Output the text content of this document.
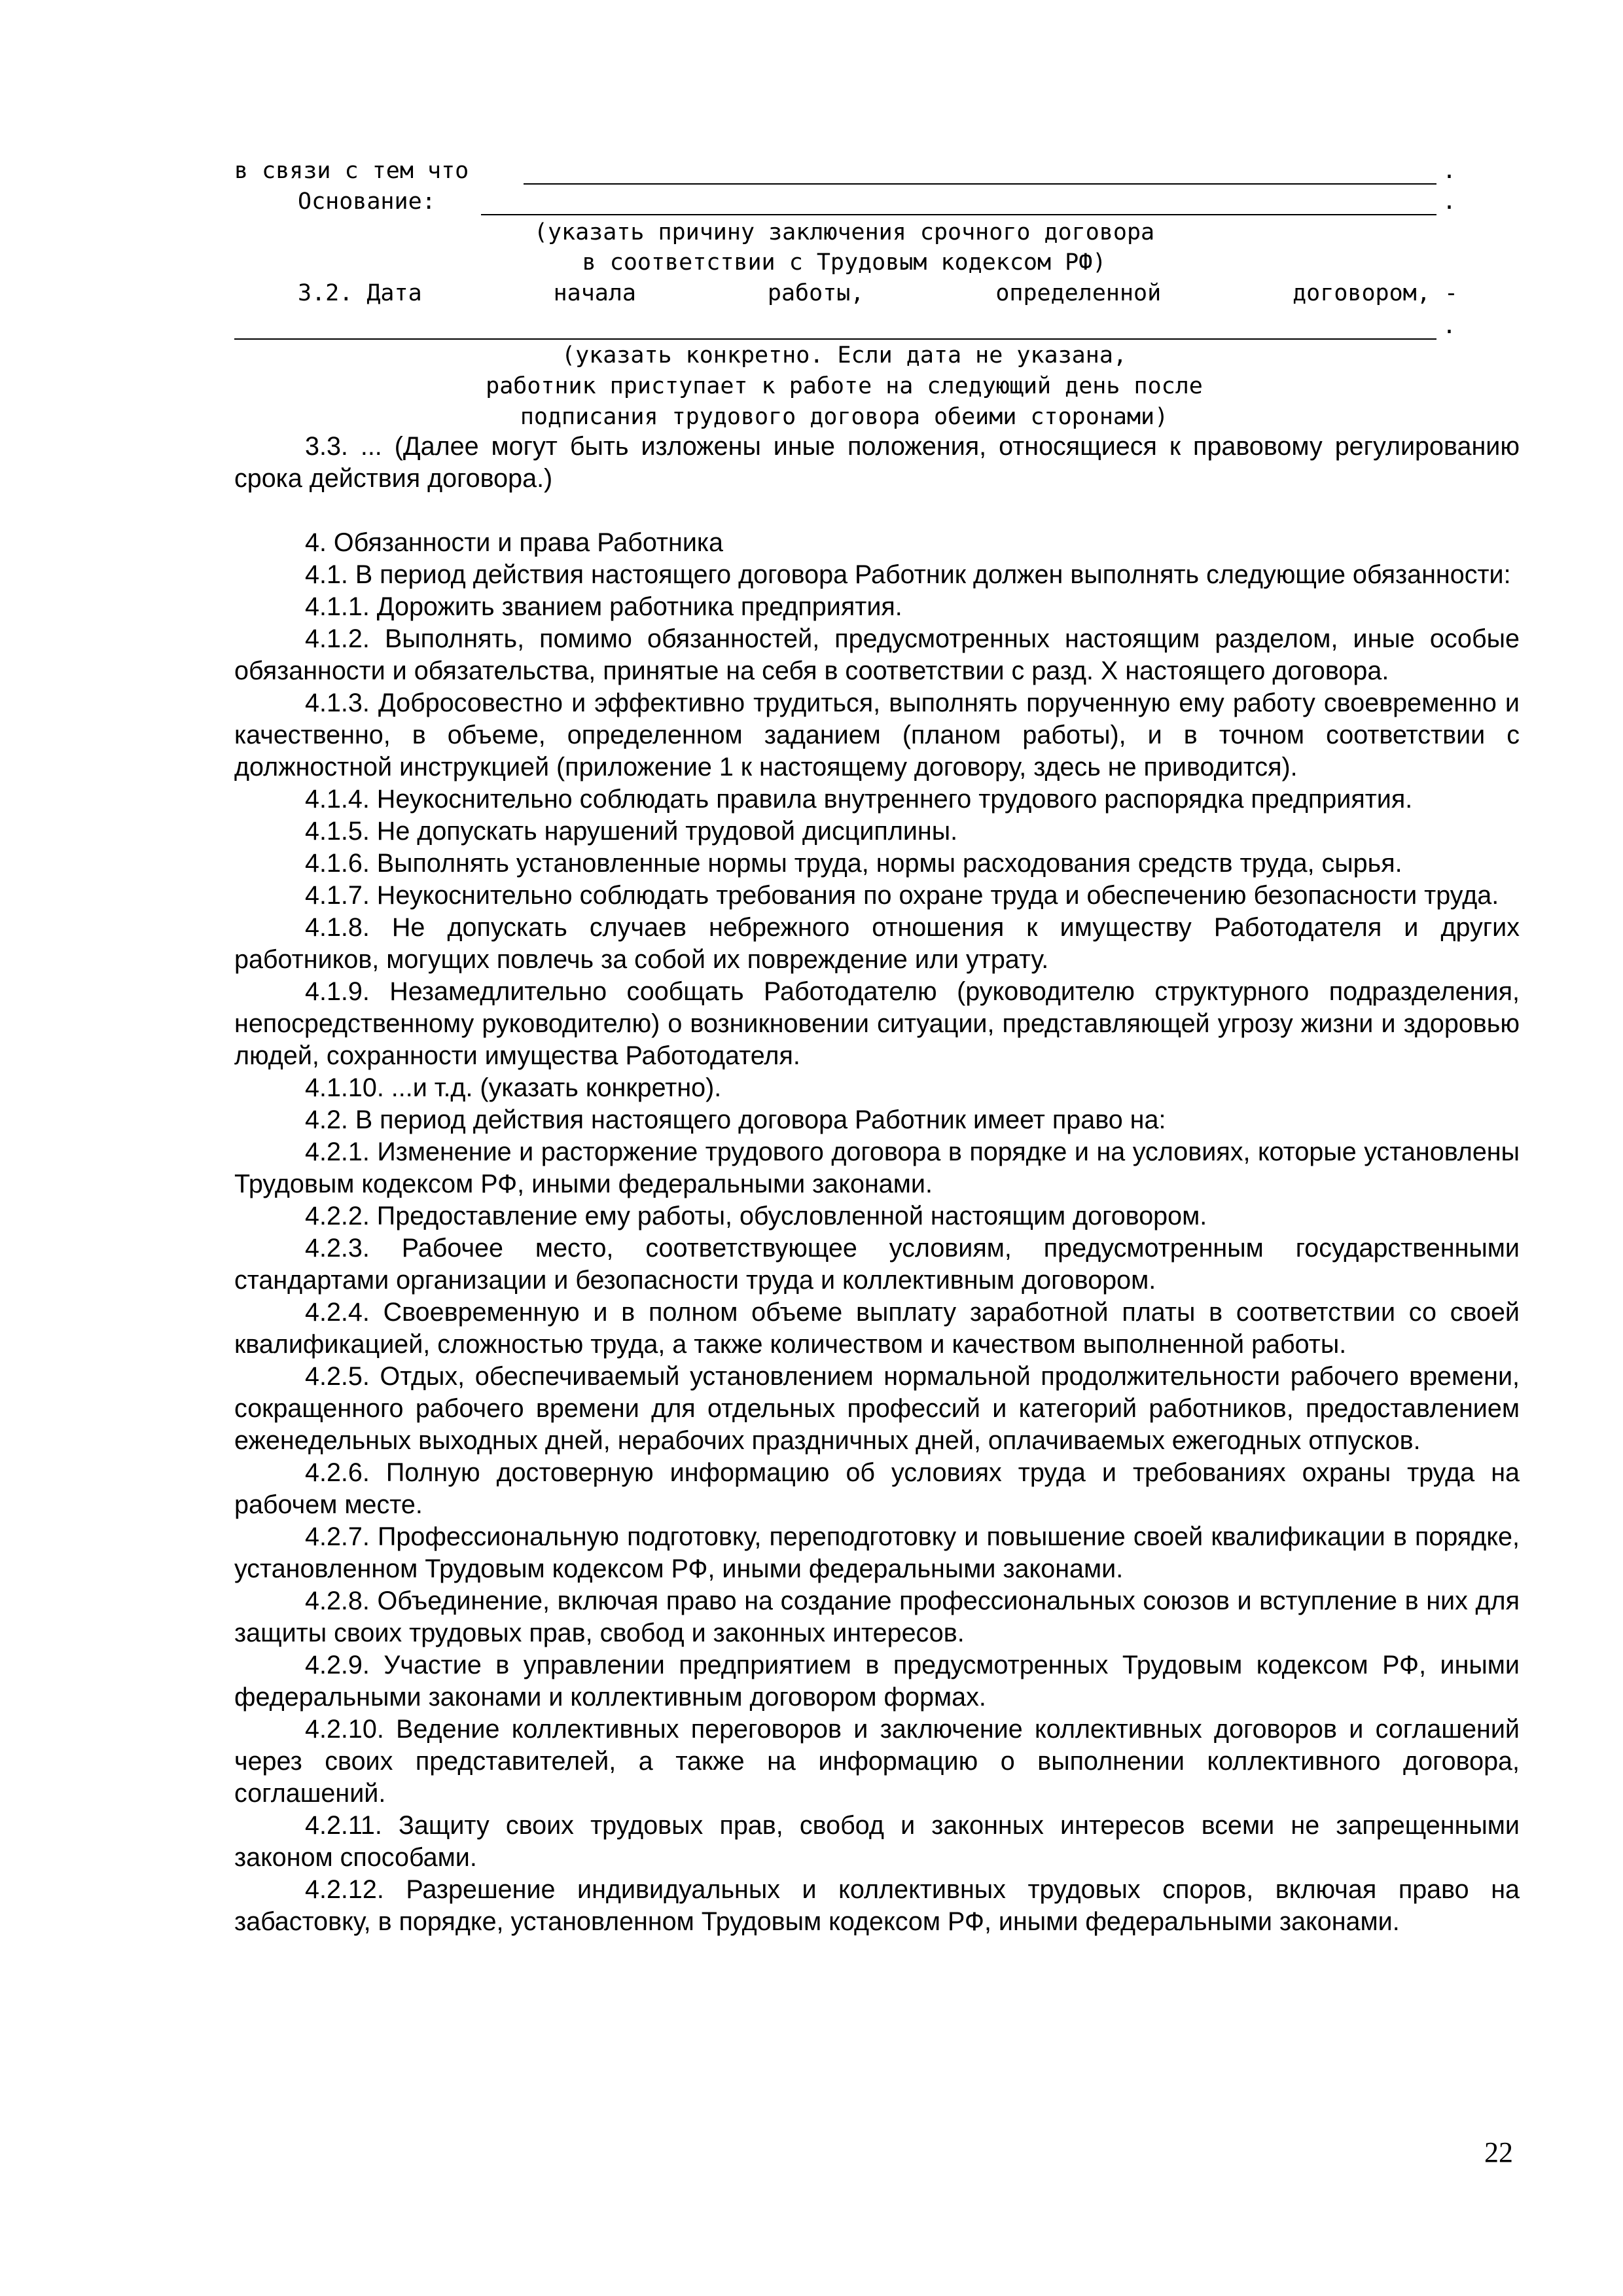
в связи с тем что	.
Основание:	.
(указать причину заключения срочного договора
в соответствии с Трудовым кодексом РФ)
3.2. Дата	начала	работы,	определенной	договором, -
.
(указать конкретно. Если дата не указана,
работник приступает к работе на следующий день после
подписания трудового договора обеими сторонами)

3.3. ... (Далее могут быть изложены иные положения, относящиеся к правовому регулированию срока действия договора.)

4. Обязанности и права Работника

4.1. В период действия настоящего договора Работник должен выполнять следующие обязанности:

4.1.1. Дорожить званием работника предприятия.

4.1.2. Выполнять, помимо обязанностей, предусмотренных настоящим разделом, иные особые обязанности и обязательства, принятые на себя в соответствии с разд. X настоящего договора.

4.1.3. Добросовестно и эффективно трудиться, выполнять порученную ему работу своевременно и качественно, в объеме, определенном заданием (планом работы), и в точном соответствии с должностной инструкцией (приложение 1 к настоящему договору, здесь не приводится).

4.1.4. Неукоснительно соблюдать правила внутреннего трудового распорядка предприятия.

4.1.5. Не допускать нарушений трудовой дисциплины.

4.1.6. Выполнять установленные нормы труда, нормы расходования средств труда, сырья.

4.1.7. Неукоснительно соблюдать требования по охране труда и обеспечению безопасности труда.

4.1.8. Не допускать случаев небрежного отношения к имуществу Работодателя и других работников, могущих повлечь за собой их повреждение или утрату.

4.1.9. Незамедлительно сообщать Работодателю (руководителю структурного подразделения, непосредственному руководителю) о возникновении ситуации, представляющей угрозу жизни и здоровью людей, сохранности имущества Работодателя.

4.1.10. ...и т.д. (указать конкретно).

4.2. В период действия настоящего договора Работник имеет право на:

4.2.1. Изменение и расторжение трудового договора в порядке и на условиях, которые установлены Трудовым кодексом РФ, иными федеральными законами.

4.2.2. Предоставление ему работы, обусловленной настоящим договором.

4.2.3. Рабочее место, соответствующее условиям, предусмотренным государственными стандартами организации и безопасности труда и коллективным договором.

4.2.4. Своевременную и в полном объеме выплату заработной платы в соответствии со своей квалификацией, сложностью труда, а также количеством и качеством выполненной работы.

4.2.5. Отдых, обеспечиваемый установлением нормальной продолжительности рабочего времени, сокращенного рабочего времени для отдельных профессий и категорий работников, предоставлением еженедельных выходных дней, нерабочих праздничных дней, оплачиваемых ежегодных отпусков.

4.2.6. Полную достоверную информацию об условиях труда и требованиях охраны труда на рабочем месте.

4.2.7. Профессиональную подготовку, переподготовку и повышение своей квалификации в порядке, установленном Трудовым кодексом РФ, иными федеральными законами.

4.2.8. Объединение, включая право на создание профессиональных союзов и вступление в них для защиты своих трудовых прав, свобод и законных интересов.

4.2.9. Участие в управлении предприятием в предусмотренных Трудовым кодексом РФ, иными федеральными законами и коллективным договором формах.

4.2.10. Ведение коллективных переговоров и заключение коллективных договоров и соглашений через своих представителей, а также на информацию о выполнении коллективного договора, соглашений.

4.2.11. Защиту своих трудовых прав, свобод и законных интересов всеми не запрещенными законом способами.

4.2.12. Разрешение индивидуальных и коллективных трудовых споров, включая право на забастовку, в порядке, установленном Трудовым кодексом РФ, иными федеральными законами.

22
